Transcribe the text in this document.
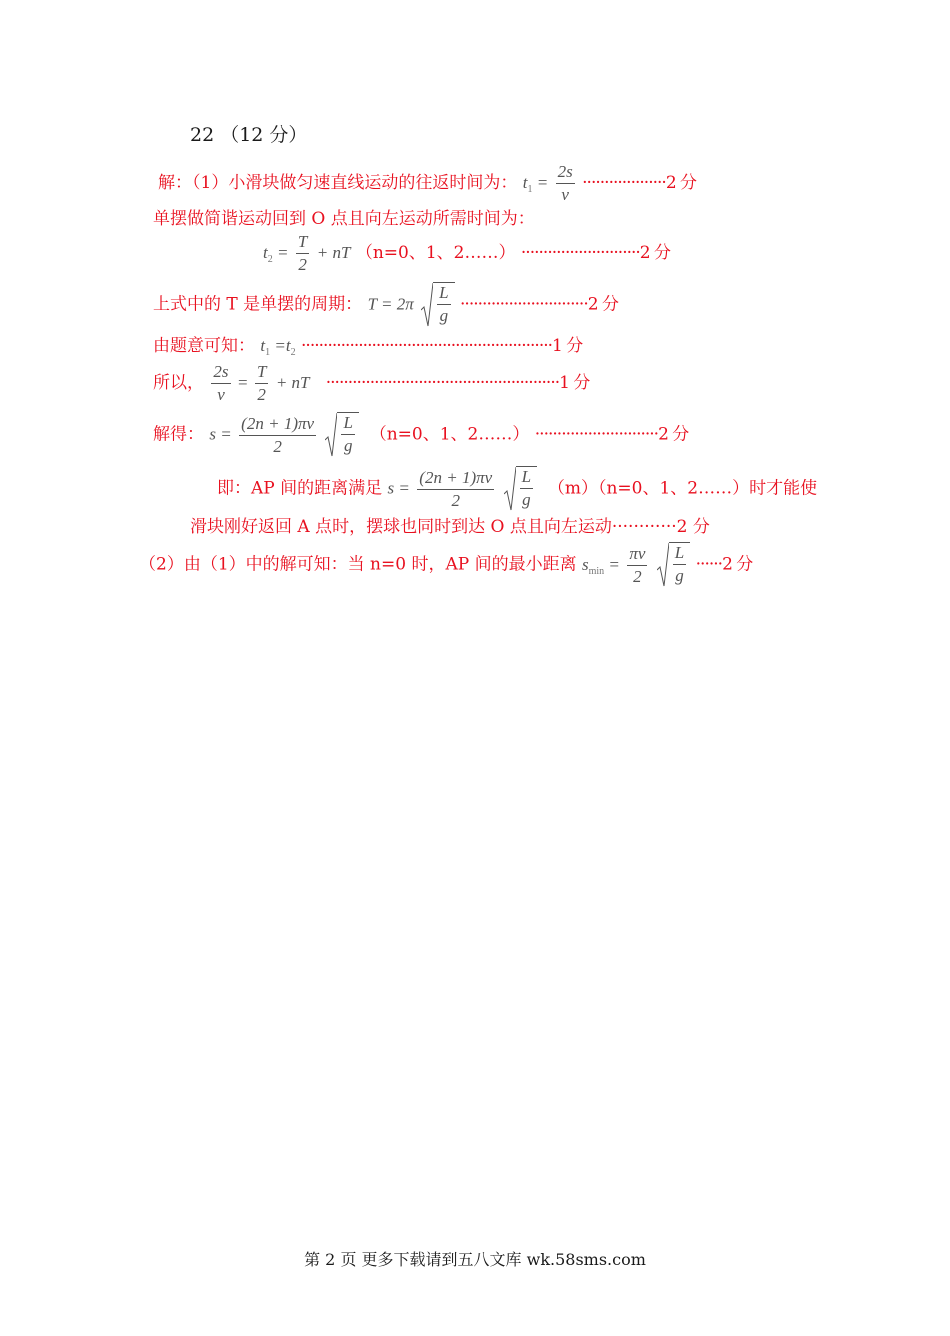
22 （12 分）
解：（1）小滑块做匀速直线运动的往返时间为： $t_1 = \frac{2s}{v} \cdot\cdot\cdot\cdot\cdot\cdot\cdot\cdot\cdot\cdot\cdot\cdot\cdot\cdot\cdot\cdot\cdot\cdot\cdot 2$ 分
单摆做简谐运动回到 O 点且向左运动所需时间为：
$t_2 = \frac{T}{2}$ + nT （n=0、1、2……） ···························2 分
上式中的 T 是单摆的周期： $T = 2\pi \frac{L}{g} \cdot\cdot\cdot\cdot\cdot\cdot\cdot\cdot\cdot\cdot\cdot\cdot\cdot\cdot\cdot\cdot\cdot\cdot\cdot\cdot\cdot\cdot\cdot\cdot\cdot\cdot\cdot\cdot\cdot 2$ 分
由题意可知： $t_1 =t_2 \cdot\cdot\cdot\cdot\cdot\cdot\cdot\cdot\cdot\cdot\cdot\cdot\cdot\cdot\cdot\cdot\cdot\cdot\cdot\cdot\cdot\cdot\cdot\cdot\cdot\cdot\cdot\cdot\cdot\cdot\cdot\cdot\cdot\cdot\cdot\cdot\cdot\cdot\cdot\cdot\cdot\cdot\cdot\cdot\cdot\cdot\cdot\cdot\cdot\cdot\cdot\cdot\cdot\cdot\cdot\cdot\cdot 1$ 分
所以， $\frac{2s}{v} = \frac{T}{2}$ + nT ·····················································1 分
解得： $s = \frac{(2n + 1)\pi v}{2}$
$\frac{L}{g} (n=0$、1、2……） ····························2 分
即：AP 间的距离满足 $s = \frac{(2n + 1)\pi v}{2}$
$\frac{L}{g} (m)(n=0$、1、2……）时才能使
滑块刚好返回 A 点时，摆球也同时到达 O 点且向左运动············2 分
（2）由（1）中的解可知：当 n=0 时，AP 间的最小距离 $s_{min} = \frac{\pi v}{2}$
$\frac{L}{g} \cdot\cdot\cdot\cdot\cdot\cdot 2$ 分
第 2 页 更多下载请到五八文库 wk.58sms.com
